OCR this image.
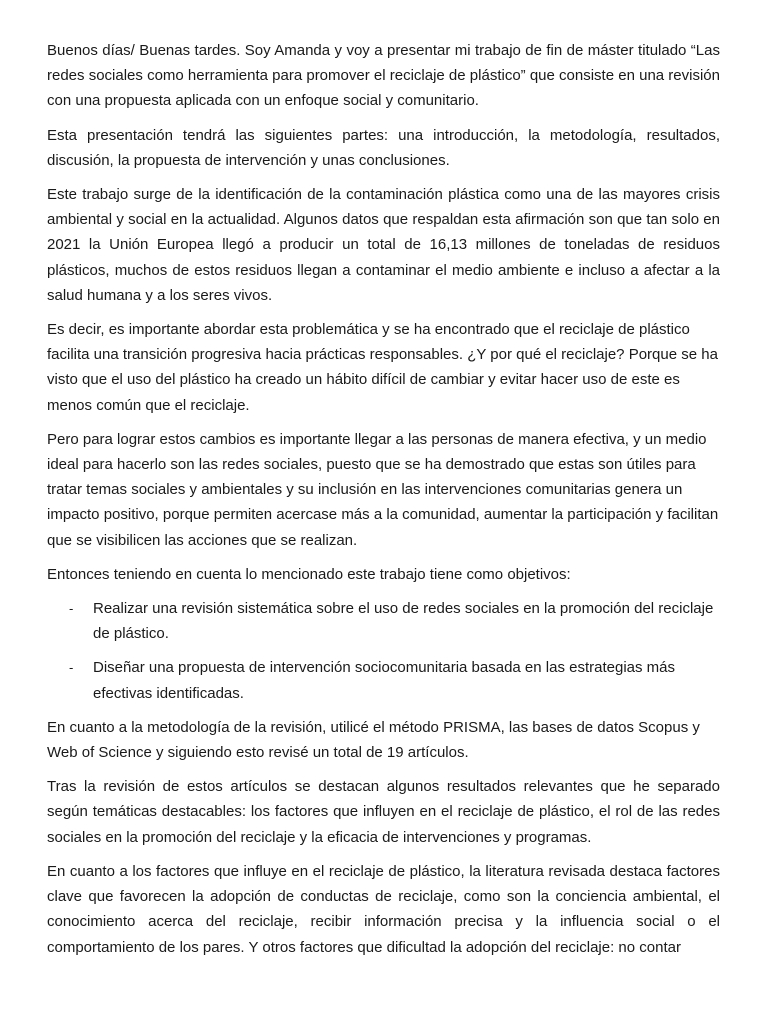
Buenos días/ Buenas tardes. Soy Amanda y voy a presentar mi trabajo de fin de máster titulado “Las redes sociales como herramienta para promover el reciclaje de plástico” que consiste en una revisión con una propuesta aplicada con un enfoque social y comunitario.

Esta presentación tendrá las siguientes partes: una introducción, la metodología, resultados, discusión, la propuesta de intervención y unas conclusiones.

Este trabajo surge de la identificación de la contaminación plástica como una de las mayores crisis ambiental y social en la actualidad. Algunos datos que respaldan esta afirmación son que tan solo en 2021 la Unión Europea llegó a producir un total de 16,13 millones de toneladas de residuos plásticos, muchos de estos residuos llegan a contaminar el medio ambiente e incluso a afectar a la salud humana y a los seres vivos.

Es decir, es importante abordar esta problemática y se ha encontrado que el reciclaje de plástico facilita una transición progresiva hacia prácticas responsables. ¿Y por qué el reciclaje? Porque se ha visto que el uso del plástico ha creado un hábito difícil de cambiar y evitar hacer uso de este es menos común que el reciclaje.

Pero para lograr estos cambios es importante llegar a las personas de manera efectiva, y un medio ideal para hacerlo son las redes sociales, puesto que se ha demostrado que estas son útiles para tratar temas sociales y ambientales y su inclusión en las intervenciones comunitarias genera un impacto positivo, porque permiten acercase más a la comunidad, aumentar la participación y facilitan que se visibilicen las acciones que se realizan.

Entonces teniendo en cuenta lo mencionado este trabajo tiene como objetivos:

- Realizar una revisión sistemática sobre el uso de redes sociales en la promoción del reciclaje de plástico.
- Diseñar una propuesta de intervención sociocomunitaria basada en las estrategias más efectivas identificadas.

En cuanto a la metodología de la revisión, utilicé el método PRISMA, las bases de datos Scopus y Web of Science y siguiendo esto revisé un total de 19 artículos.

Tras la revisión de estos artículos se destacan algunos resultados relevantes que he separado según temáticas destacables: los factores que influyen en el reciclaje de plástico, el rol de las redes sociales en la promoción del reciclaje y la eficacia de intervenciones y programas.

En cuanto a los factores que influye en el reciclaje de plástico, la literatura revisada destaca factores clave que favorecen la adopción de conductas de reciclaje, como son la conciencia ambiental, el conocimiento acerca del reciclaje, recibir información precisa y la influencia social o el comportamiento de los pares. Y otros factores que dificultad la adopción del reciclaje: no contar
